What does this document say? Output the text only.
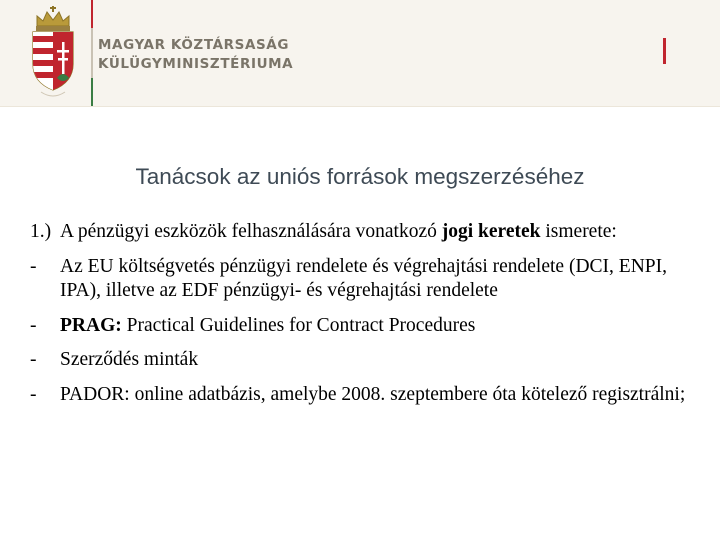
MAGYAR KÖZTÁRSASÁG
KÜLÜGYMINISZTÉRIUMA
Tanácsok az uniós források megszerzéséhez
1.) A pénzügyi eszközök felhasználására vonatkozó jogi keretek ismerete:
-	Az EU költségvetés pénzügyi rendelete és végrehajtási rendelete (DCI, ENPI, IPA), illetve az EDF pénzügyi- és végrehajtási rendelete
-	PRAG: Practical Guidelines for Contract Procedures
-	Szerződés minták
-	PADOR: online adatbázis, amelybe 2008. szeptembere óta kötelező regisztrálni;
